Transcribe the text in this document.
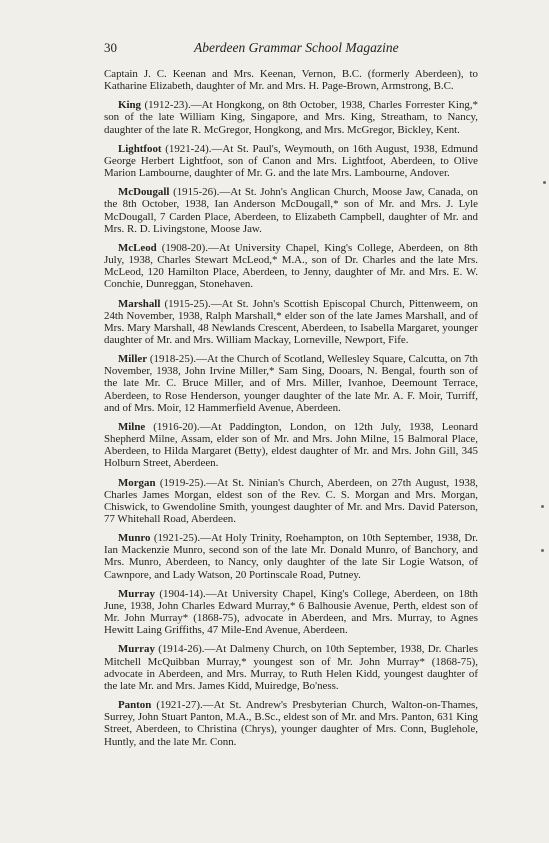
30	Aberdeen Grammar School Magazine

Captain J. C. Keenan and Mrs. Keenan, Vernon, B.C. (formerly Aberdeen), to Katharine Elizabeth, daughter of Mr. and Mrs. H. Page-Brown, Armstrong, B.C.

King (1912-23).—At Hongkong, on 8th October, 1938, Charles Forrester King,* son of the late William King, Singapore, and Mrs. King, Streatham, to Nancy, daughter of the late R. McGregor, Hongkong, and Mrs. McGregor, Bickley, Kent.

Lightfoot (1921-24).—At St. Paul's, Weymouth, on 16th August, 1938, Edmund George Herbert Lightfoot, son of Canon and Mrs. Lightfoot, Aberdeen, to Olive Marion Lambourne, daughter of Mr. G. and the late Mrs. Lambourne, Andover.

McDougall (1915-26).—At St. John's Anglican Church, Moose Jaw, Canada, on the 8th October, 1938, Ian Anderson McDougall,* son of Mr. and Mrs. J. Lyle McDougall, 7 Carden Place, Aberdeen, to Elizabeth Campbell, daughter of Mr. and Mrs. R. D. Livingstone, Moose Jaw.

McLeod (1908-20).—At University Chapel, King's College, Aberdeen, on 8th July, 1938, Charles Stewart McLeod,* M.A., son of Dr. Charles and the late Mrs. McLeod, 120 Hamilton Place, Aberdeen, to Jenny, daughter of Mr. and Mrs. E. W. Conchie, Dunreggan, Stonehaven.

Marshall (1915-25).—At St. John's Scottish Episcopal Church, Pittenweem, on 24th November, 1938, Ralph Marshall,* elder son of the late James Marshall, and of Mrs. Mary Marshall, 48 Newlands Crescent, Aberdeen, to Isabella Margaret, younger daughter of Mr. and Mrs. William Mackay, Lorneville, Newport, Fife.

Miller (1918-25).—At the Church of Scotland, Wellesley Square, Calcutta, on 7th November, 1938, John Irvine Miller,* Sam Sing, Dooars, N. Bengal, fourth son of the late Mr. C. Bruce Miller, and of Mrs. Miller, Ivanhoe, Deemount Terrace, Aberdeen, to Rose Henderson, younger daughter of the late Mr. A. F. Moir, Turriff, and of Mrs. Moir, 12 Hammerfield Avenue, Aberdeen.

Milne (1916-20).—At Paddington, London, on 12th July, 1938, Leonard Shepherd Milne, Assam, elder son of Mr. and Mrs. John Milne, 15 Balmoral Place, Aberdeen, to Hilda Margaret (Betty), eldest daughter of Mr. and Mrs. John Gill, 345 Holburn Street, Aberdeen.

Morgan (1919-25).—At St. Ninian's Church, Aberdeen, on 27th August, 1938, Charles James Morgan, eldest son of the Rev. C. S. Morgan and Mrs. Morgan, Chiswick, to Gwendoline Smith, youngest daughter of Mr. and Mrs. David Paterson, 77 Whitehall Road, Aberdeen.

Munro (1921-25).—At Holy Trinity, Roehampton, on 10th September, 1938, Dr. Ian Mackenzie Munro, second son of the late Mr. Donald Munro, of Banchory, and Mrs. Munro, Aberdeen, to Nancy, only daughter of the late Sir Logie Watson, of Cawnpore, and Lady Watson, 20 Portinscale Road, Putney.

Murray (1904-14).—At University Chapel, King's College, Aberdeen, on 18th June, 1938, John Charles Edward Murray,* 6 Balhousie Avenue, Perth, eldest son of Mr. John Murray* (1868-75), advocate in Aberdeen, and Mrs. Murray, to Agnes Hewitt Laing Griffiths, 47 Mile-End Avenue, Aberdeen.

Murray (1914-26).—At Dalmeny Church, on 10th September, 1938, Dr. Charles Mitchell McQuibban Murray,* youngest son of Mr. John Murray* (1868-75), advocate in Aberdeen, and Mrs. Murray, to Ruth Helen Kidd, youngest daughter of the late Mr. and Mrs. James Kidd, Muiredge, Bo'ness.

Panton (1921-27).—At St. Andrew's Presbyterian Church, Walton-on-Thames, Surrey, John Stuart Panton, M.A., B.Sc., eldest son of Mr. and Mrs. Panton, 631 King Street, Aberdeen, to Christina (Chrys), younger daughter of Mrs. Conn, Buglehole, Huntly, and the late Mr. Conn.
